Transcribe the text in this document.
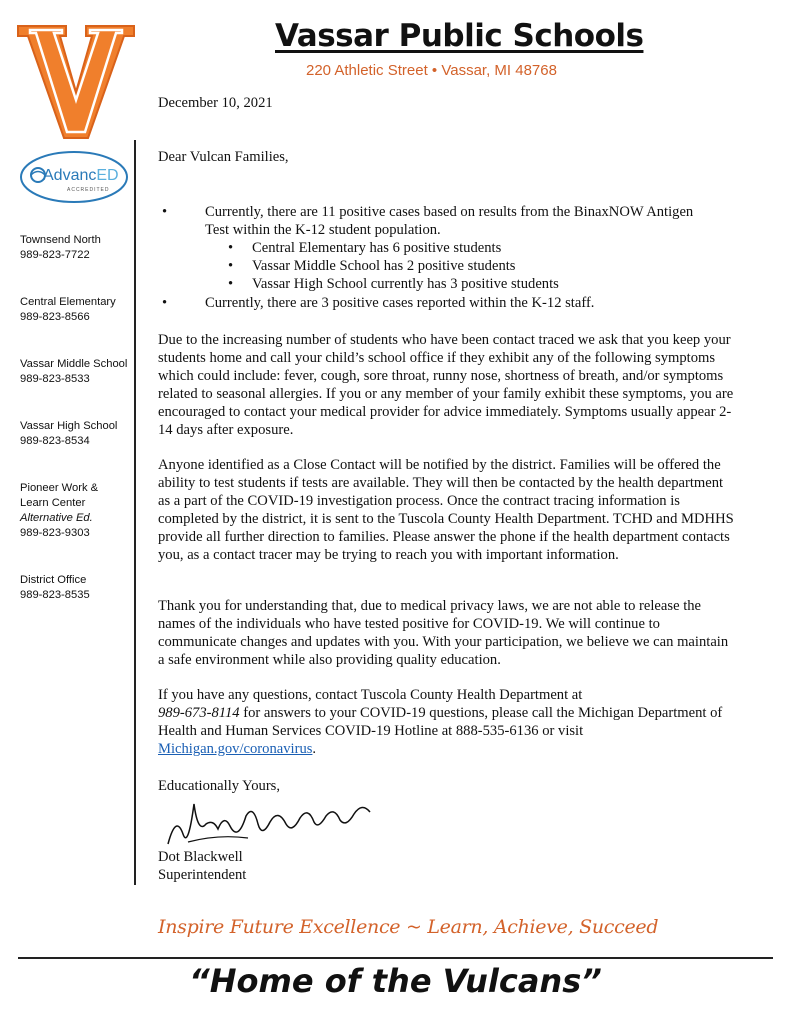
Vassar Public Schools
220 Athletic Street • Vassar, MI 48768
AdvancED
ACCREDITED
Townsend North
989-823-7722
Central Elementary
989-823-8566
Vassar Middle School
989-823-8533
Vassar High School
989-823-8534
Pioneer Work &
Learn Center
Alternative Ed.
989-823-9303
District Office
989-823-8535
December 10, 2021
Dear Vulcan Families,
•	Currently, there are 11 positive cases based on results from the BinaxNOW Antigen
Test within the K-12 student population.
• Central Elementary has 6 positive students
• Vassar Middle School has 2 positive students
• Vassar High School currently has 3 positive students
•	Currently, there are 3 positive cases reported within the K-12 staff.

Due to the increasing number of students who have been contact traced we ask that you keep your students home and call your child’s school office if they exhibit any of the following symptoms which could include: fever, cough, sore throat, runny nose, shortness of breath, and/or symptoms related to seasonal allergies. If you or any member of your family exhibit these symptoms, you are encouraged to contact your medical provider for advice immediately. Symptoms usually appear 2-14 days after exposure.

Anyone identified as a Close Contact will be notified by the district. Families will be offered the ability to test students if tests are available. They will then be contacted by the health department as a part of the COVID-19 investigation process. Once the contract tracing information is completed by the district, it is sent to the Tuscola County Health Department. TCHD and MDHHS provide all further direction to families. Please answer the phone if the health department contacts you, as a contact tracer may be trying to reach you with important information.

Thank you for understanding that, due to medical privacy laws, we are not able to release the names of the individuals who have tested positive for COVID-19. We will continue to communicate changes and updates with you. With your participation, we believe we can maintain a safe environment while also providing quality education.

If you have any questions, contact Tuscola County Health Department at
989-673-8114 for answers to your COVID-19 questions, please call the Michigan Department of Health and Human Services COVID-19 Hotline at 888-535-6136 or visit Michigan.gov/coronavirus.

Educationally Yours,
Dot Blackwell
Superintendent
Inspire Future Excellence ~ Learn, Achieve, Succeed
“Home of the Vulcans”
